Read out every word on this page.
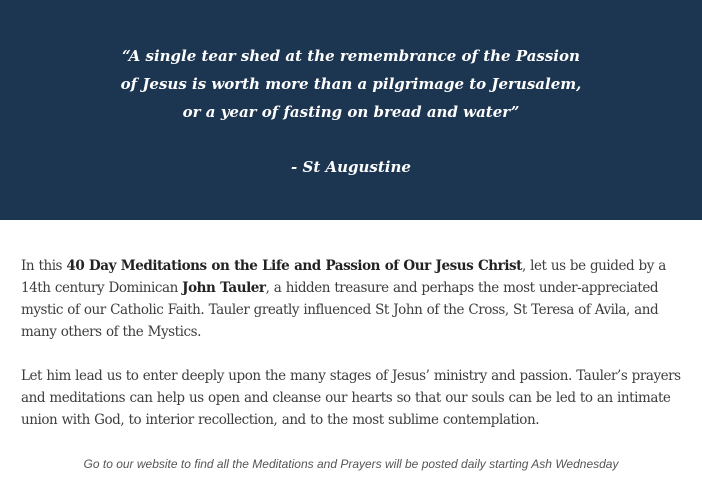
“A single tear shed at the remembrance of the Passion
of Jesus is worth more than a pilgrimage to Jerusalem,
or a year of fasting on bread and water”
- St Augustine

In this 40 Day Meditations on the Life and Passion of Our Jesus Christ, let us be guided by a 14th century Dominican John Tauler, a hidden treasure and perhaps the most under-appreciated mystic of our Catholic Faith. Tauler greatly influenced St John of the Cross, St Teresa of Avila, and many others of the Mystics.

Let him lead us to enter deeply upon the many stages of Jesus’ ministry and passion. Tauler’s prayers and meditations can help us open and cleanse our hearts so that our souls can be led to an intimate union with God, to interior recollection, and to the most sublime contemplation.

Go to our website to find all the Meditations and Prayers will be posted daily starting Ash Wednesday
